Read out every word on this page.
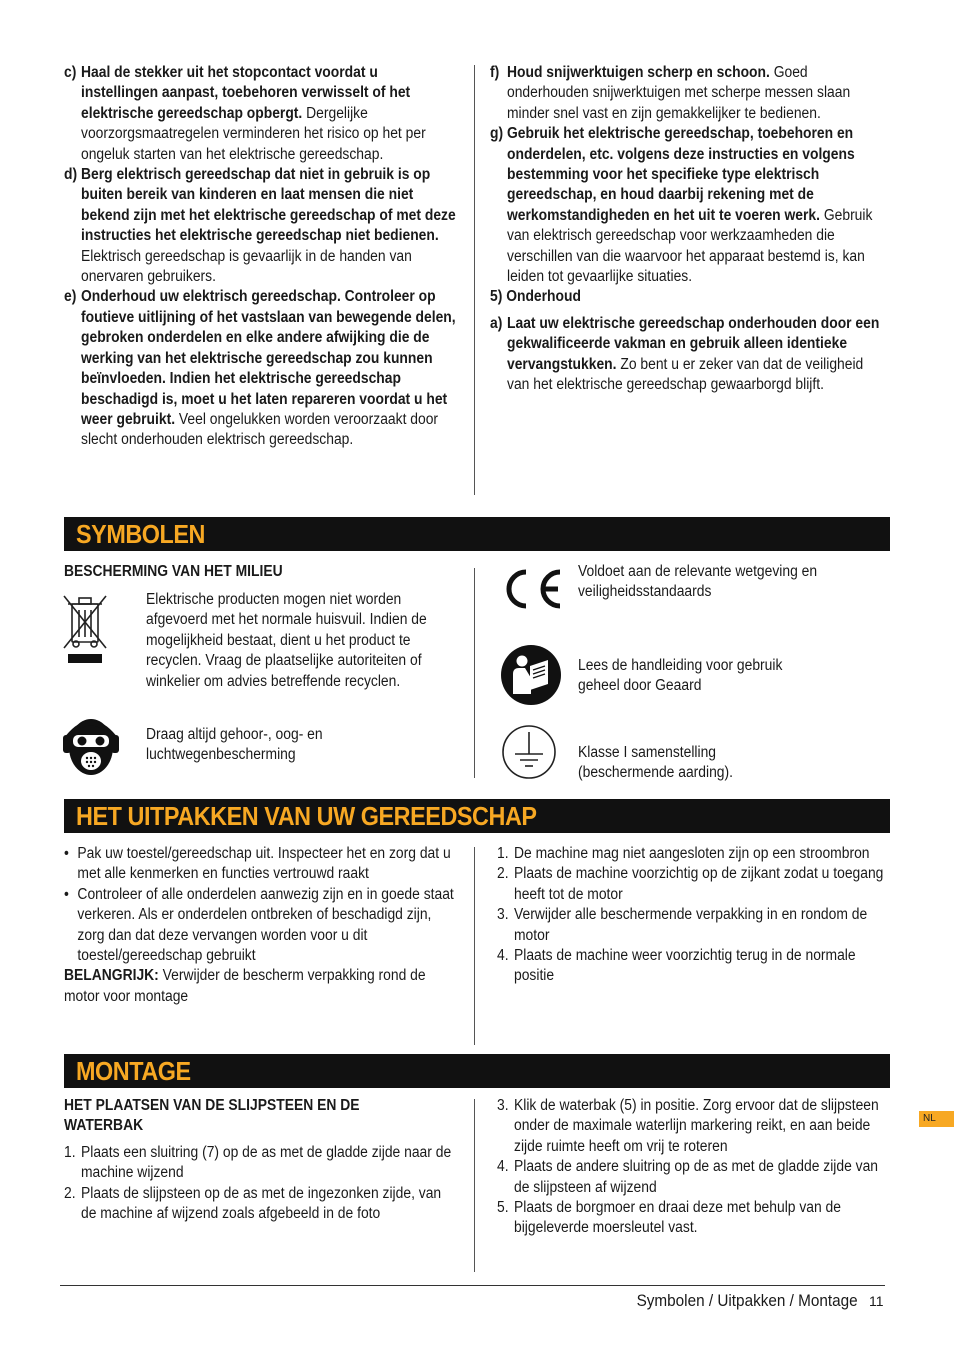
c) Haal de stekker uit het stopcontact voordat u instellingen aanpast, toebehoren verwisselt of het elektrische gereedschap opbergt. Dergelijke voorzorgsmaatregelen verminderen het risico op het per ongeluk starten van het elektrische gereedschap.

d) Berg elektrisch gereedschap dat niet in gebruik is op buiten bereik van kinderen en laat mensen die niet bekend zijn met het elektrische gereedschap of met deze instructies het elektrische gereedschap niet bedienen. Elektrisch gereedschap is gevaarlijk in de handen van onervaren gebruikers.

e) Onderhoud uw elektrisch gereedschap. Controleer op foutieve uitlijning of het vastslaan van bewegende delen, gebroken onderdelen en elke andere afwijking die de werking van het elektrische gereedschap zou kunnen beïnvloeden. Indien het elektrische gereedschap beschadigd is, moet u het laten repareren voordat u het weer gebruikt. Veel ongelukken worden veroorzaakt door slecht onderhouden elektrisch gereedschap.

f) Houd snijwerktuigen scherp en schoon. Goed onderhouden snijwerktuigen met scherpe messen slaan minder snel vast en zijn gemakkelijker te bedienen.

g) Gebruik het elektrische gereedschap, toebehoren en onderdelen, etc. volgens deze instructies en volgens bestemming voor het specifieke type elektrisch gereedschap, en houd daarbij rekening met de werkomstandigheden en het uit te voeren werk. Gebruik van elektrisch gereedschap voor werkzaamheden die verschillen van die waarvoor het apparaat bestemd is, kan leiden tot gevaarlijke situaties.

5) Onderhoud

a) Laat uw elektrische gereedschap onderhouden door een gekwalificeerde vakman en gebruik alleen identieke vervangstukken. Zo bent u er zeker van dat de veiligheid van het elektrische gereedschap gewaarborgd blijft.

SYMBOLEN
BESCHERMING VAN HET MILIEU
Elektrische producten mogen niet worden afgevoerd met het normale huisvuil. Indien de mogelijkheid bestaat, dient u het product te recyclen. Vraag de plaatselijke autoriteiten of winkelier om advies betreffende recyclen.
Draag altijd gehoor-, oog- en luchtwegenbescherming
Voldoet aan de relevante wetgeving en veiligheidsstandaards
Lees de handleiding voor gebruik geheel door Geaard
Klasse I samenstelling (beschermende aarding).
HET UITPAKKEN VAN UW GEREEDSCHAP

• Pak uw toestel/gereedschap uit. Inspecteer het en zorg dat u met alle kenmerken en functies vertrouwd raakt

• Controleer of alle onderdelen aanwezig zijn en in goede staat verkeren. Als er onderdelen ontbreken of beschadigd zijn, zorg dan dat deze vervangen worden voor u dit toestel/gereedschap gebruikt

BELANGRIJK: Verwijder de bescherm verpakking rond de motor voor montage

1. De machine mag niet aangesloten zijn op een stroombron

2. Plaats de machine voorzichtig op de zijkant zodat u toegang heeft tot de motor

3. Verwijder alle beschermende verpakking in en rondom de motor

4. Plaats de machine weer voorzichtig terug in de normale positie

MONTAGE

HET PLAATSEN VAN DE SLIJPSTEEN EN DE WATERBAK

1. Plaats een sluitring (7) op de as met de gladde zijde naar de machine wijzend

2. Plaats de slijpsteen op de as met de ingezonken zijde, van de machine af wijzend zoals afgebeeld in de foto

3. Klik de waterbak (5) in positie. Zorg ervoor dat de slijpsteen onder de maximale waterlijn markering reikt, en aan beide zijde ruimte heeft om vrij te roteren

4. Plaats de andere sluitring op de as met de gladde zijde van de slijpsteen af wijzend

5. Plaats de borgmoer en draai deze met behulp van de bijgeleverde moersleutel vast.

NL
Symbolen / Uitpakken / Montage 11
